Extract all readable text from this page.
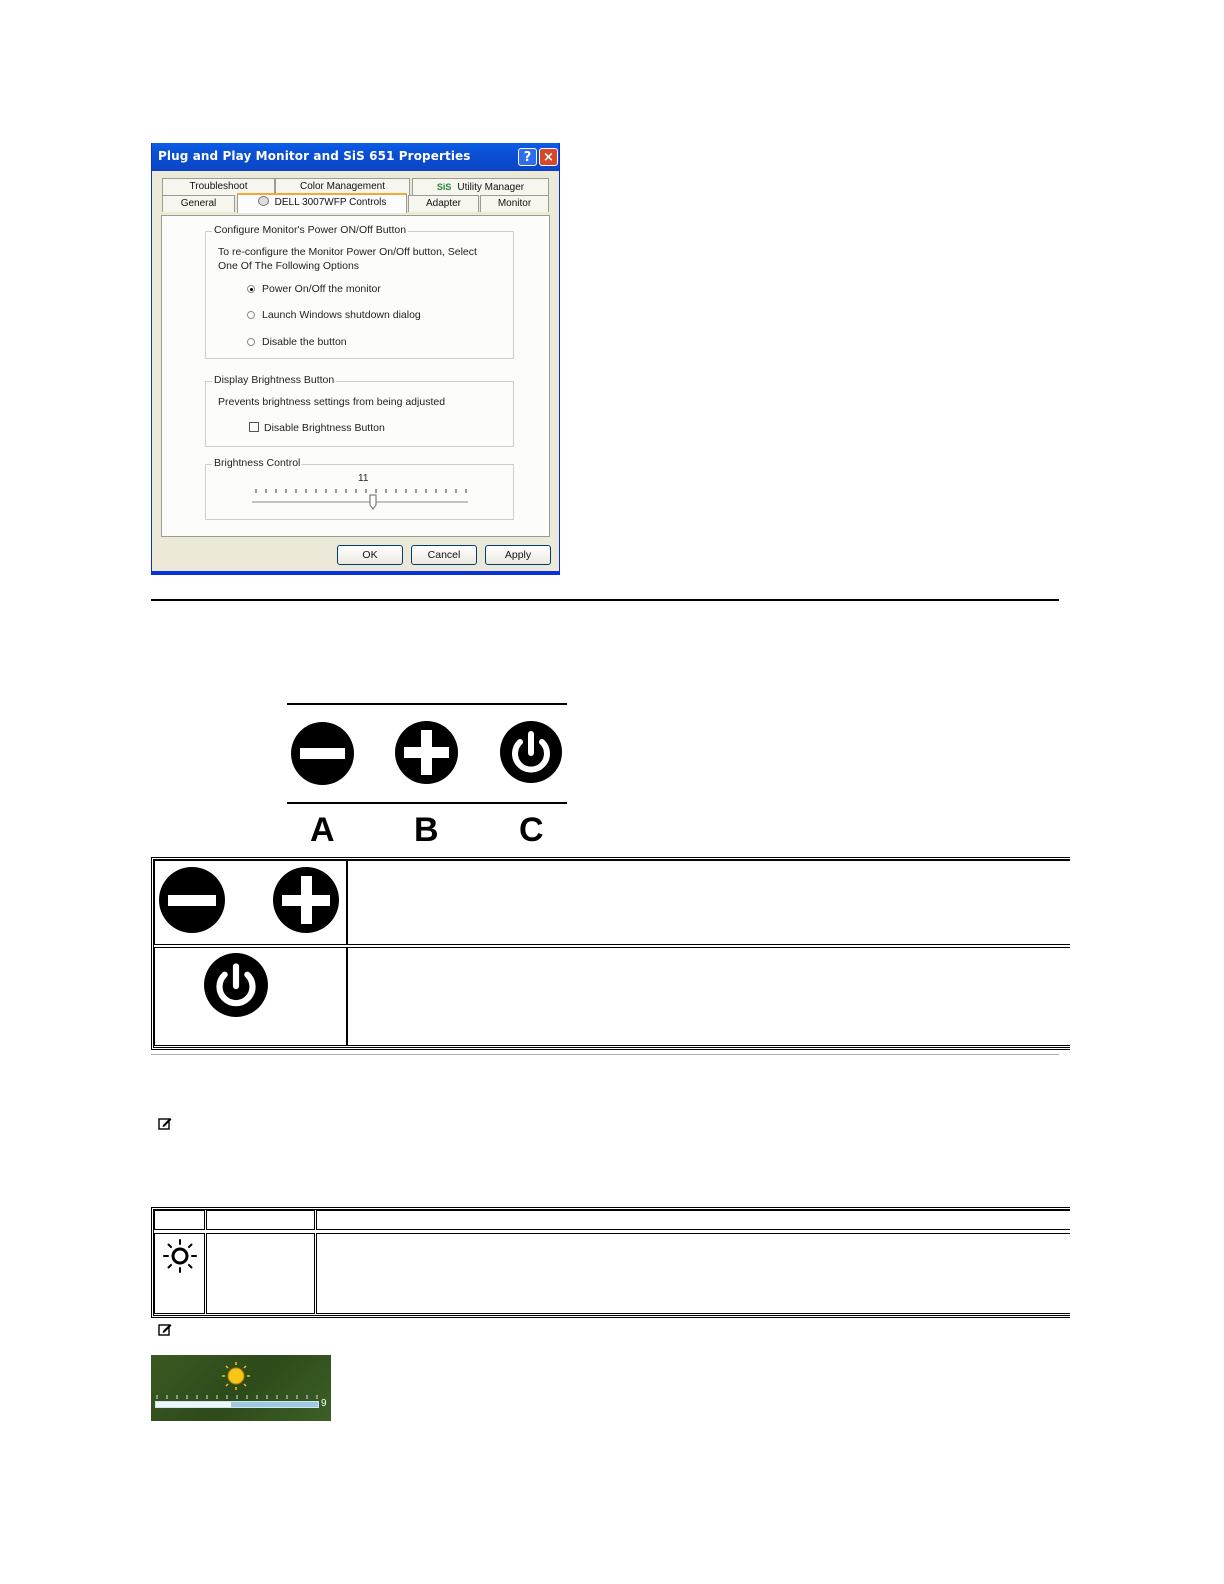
Plug and Play Monitor and SiS 651 Properties	? ×
Troubleshoot	Color Management	SiS Utility Manager
General	DELL 3007WFP Controls	Adapter	Monitor
Configure Monitor's Power ON/Off Button
To re-configure the Monitor Power On/Off button, Select
One Of The Following Options
Power On/Off the monitor
Launch Windows shutdown dialog
Disable the button
Display Brightness Button
Prevents brightness settings from being adjusted
Disable Brightness Button
Brightness Control
11
OK	Cancel	Apply
A B C
9
